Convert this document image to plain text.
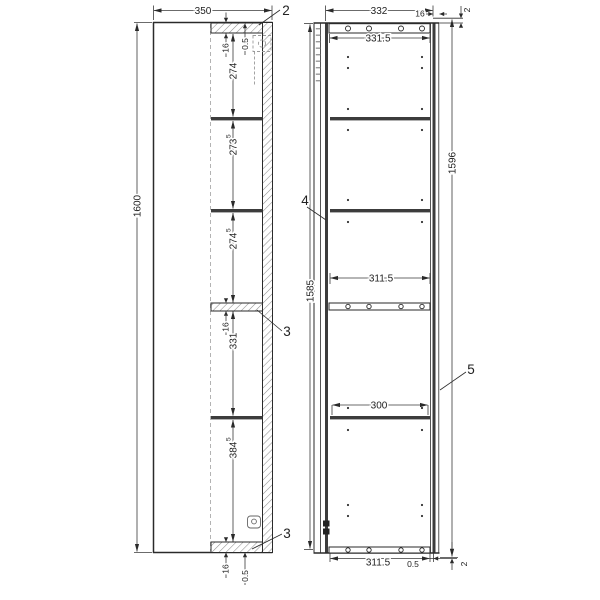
350
1600
16 0.5
274
273
5
274
5
16
331
384
5
16
0.5
2
3
3
332	16	2
331.5
1585
1596
311.5
300
311.5 0.5	2
4
5
